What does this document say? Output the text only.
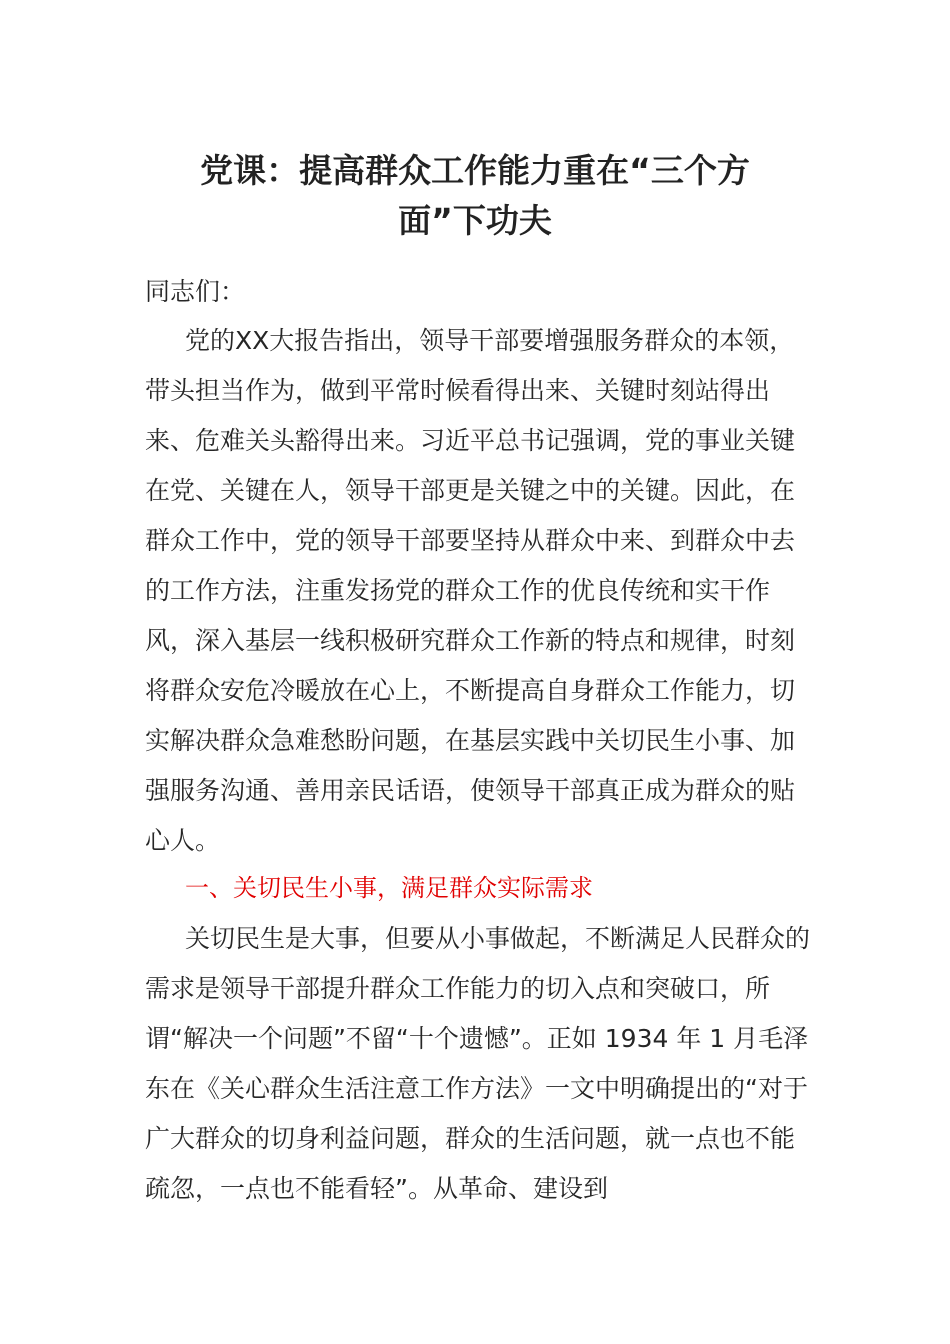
党课：提高群众工作能力重在“三个方
面”下功夫

同志们：

党的XX大报告指出，领导干部要增强服务群众的本领，带头担当作为，做到平常时候看得出来、关键时刻站得出来、危难关头豁得出来。习近平总书记强调，党的事业关键在党、关键在人，领导干部更是关键之中的关键。因此，在群众工作中，党的领导干部要坚持从群众中来、到群众中去的工作方法，注重发扬党的群众工作的优良传统和实干作风，深入基层一线积极研究群众工作新的特点和规律，时刻将群众安危冷暖放在心上，不断提高自身群众工作能力，切实解决群众急难愁盼问题，在基层实践中关切民生小事、加强服务沟通、善用亲民话语，使领导干部真正成为群众的贴心人。

一、关切民生小事，满足群众实际需求

关切民生是大事，但要从小事做起，不断满足人民群众的需求是领导干部提升群众工作能力的切入点和突破口，所谓“解决一个问题”不留“十个遗憾”。正如 1934 年 1 月毛泽东在《关心群众生活注意工作方法》一文中明确提出的“对于广大群众的切身利益问题，群众的生活问题，就一点也不能疏忽，一点也不能看轻”。从革命、建设到
